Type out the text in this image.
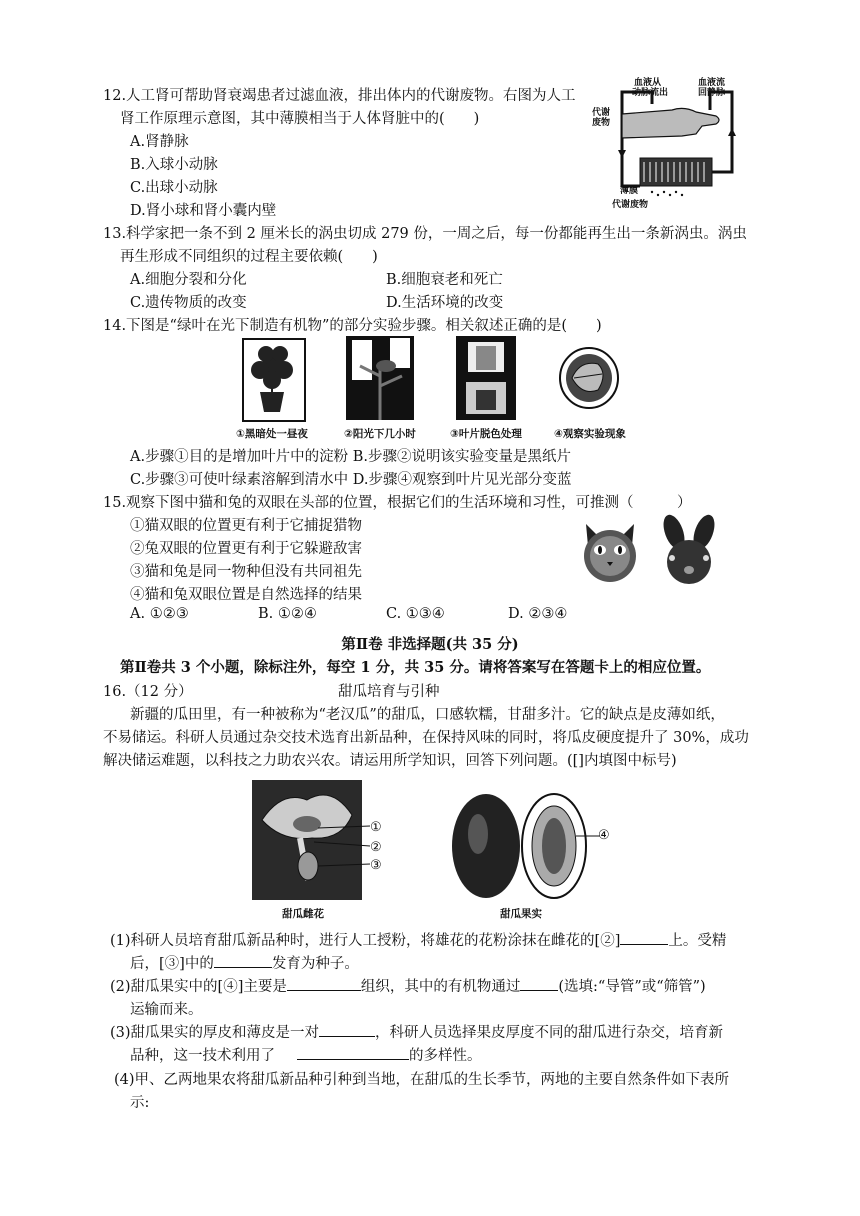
12.人工肾可帮助肾衰竭患者过滤血液，排出体内的代谢废物。右图为人工
肾工作原理示意图，其中薄膜相当于人体肾脏中的(　　)
A.肾静脉
B.入球小动脉
C.出球小动脉
D.肾小球和肾小囊内壁
血液从
动脉流出
血液流
回静脉
代谢
废物
薄膜
代谢废物
13.科学家把一条不到 2 厘米长的涡虫切成 279 份，一周之后，每一份都能再生出一条新涡虫。涡虫
再生形成不同组织的过程主要依赖(　　)
A.细胞分裂和分化	B.细胞衰老和死亡
C.遗传物质的改变	D.生活环境的改变
14.下图是“绿叶在光下制造有机物”的部分实验步骤。相关叙述正确的是(　　)
①黑暗处一昼夜	②阳光下几小时	③叶片脱色处理	④观察实验现象
A.步骤①目的是增加叶片中的淀粉 B.步骤②说明该实验变量是黑纸片
C.步骤③可使叶绿素溶解到清水中 D.步骤④观察到叶片见光部分变蓝
15.观察下图中猫和兔的双眼在头部的位置，根据它们的生活环境和习性，可推测（　　　）
①猫双眼的位置更有利于它捕捉猎物
②兔双眼的位置更有利于它躲避敌害
③猫和兔是同一物种但没有共同祖先
④猫和兔双眼位置是自然选择的结果
A. ①②③	B. ①②④	C. ①③④	D. ②③④
第Ⅱ卷 非选择题(共 35 分)
第Ⅱ卷共 3 个小题，除标注外，每空 1 分，共 35 分。请将答案写在答题卡上的相应位置。
16.（12 分）	甜瓜培育与引种
新疆的瓜田里，有一种被称为“老汉瓜”的甜瓜，口感软糯，甘甜多汁。它的缺点是皮薄如纸，
不易储运。科研人员通过杂交技术选育出新品种，在保持风味的同时，将瓜皮硬度提升了 30%，成功
解决储运难题，以科技之力助农兴农。请运用所学知识，回答下列问题。([]内填图中标号)
①
②
③
甜瓜雌花
④
甜瓜果实
(1)科研人员培育甜瓜新品种时，进行人工授粉，将雄花的花粉涂抹在雌花的[②]	上。受精
后，[③]中的	发育为种子。
(2)甜瓜果实中的[④]主要是	组织，其中的有机物通过	(选填:“导管”或“筛管”)
运输而来。
(3)甜瓜果实的厚皮和薄皮是一对	，科研人员选择果皮厚度不同的甜瓜进行杂交，培育新
品种，这一技术利用了	的多样性。
(4)甲、乙两地果农将甜瓜新品种引种到当地，在甜瓜的生长季节，两地的主要自然条件如下表所
示:
